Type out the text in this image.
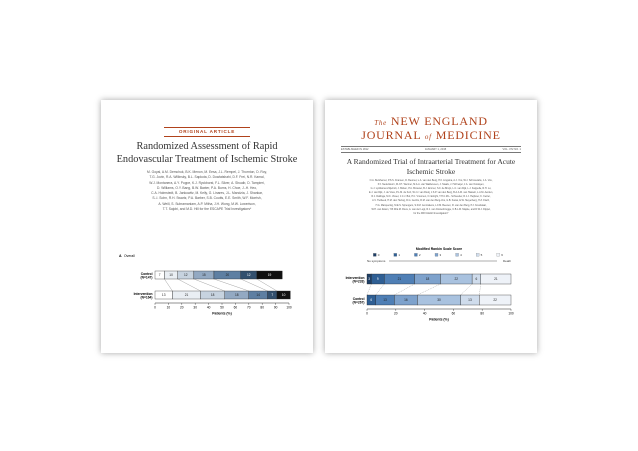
ORIGINAL ARTICLE
Randomized Assessment of Rapid
Endovascular Treatment of Ischemic Stroke
M. Goyal, A.M. Demchuk, B.K. Menon, M. Eesa, J.L. Rempel, J. Thornton, D. Roy,
T.G. Jovin, R.A. Willinsky, B.L. Sapkota, D. Dowlatshahi, D.F. Frei, N.R. Kamal,
W.J. Montanera, A.Y. Poppe, K.J. Ryckborst, F.L. Silver, A. Shuaib, D. Tampieri,
D. Williams, O.Y. Bang, B.W. Baxter, P.A. Burns, H. Choe, J.-H. Heo,
C.A. Holmstedt, B. Jankowitz, M. Kelly, G. Linares, J.L. Mandzia, J. Shankar,
S.-I. Sohn, R.H. Swartz, P.A. Barber, S.B. Coutts, E.E. Smith, W.F. Morrish,
A. Weill, S. Subramaniam, A.P. Mitha, J.H. Wong, M.W. Lowerison,
T.T. Sajobi, and M.D. Hill for the ESCAPE Trial Investigators*
A Overall
Control
(N=147)
7	10	12	15	20	12	19
Intervention
(N=164)
13	21	18	18	14	7	10
0	10	20	30	40	50	60	70	80	90	100
Patients (%)
The NEW ENGLAND
JOURNAL of MEDICINE
ESTABLISHED IN 1812	JANUARY 1, 2015	VOL. 372 NO. 1
A Randomized Trial of Intraarterial Treatment for Acute
Ischemic Stroke
O.A. Berkhemer, P.S.S. Fransen, D. Beumer, L.A. van den Berg, H.F. Lingsma, A.J. Yoo, W.J. Schonewille, J.A. Vos,
P.J. Nederkoorn, M.J.H. Wermer, M.A.A. van Walderveen, J. Staals, J. Hofmeijer, J.A. van Oostayen,
G.J. Lycklama à Nijeholt, J. Boiten, P.A. Brouwer, B.J. Emmer, S.F. de Bruijn, L.C. van Dijk, L.J. Kappelle, R.H. Lo,
E.J. van Dijk, J. de Vries, P.L.M. de Kort, W.J.J. van Rooij, J.S.P. van den Berg, B.A.A.M. van Hasselt, L.A.M. Aerden,
R.J. Dallinga, M.C. Visser, J.C.J. Bot, P.C. Vroomen, O. Eshghi, T.H.C.M.L. Schreuder, R.J.J. Heijboer, K. Keizer,
A.V. Tielbeek, H.M. den Hertog, D.G. Gerrits, R.M. van den Berg-Vos, G.B. Karas, E.W. Steyerberg, H.Z. Flach,
H.A. Marquering, M.E.S. Sprengers, S.F.M. Jenniskens, L.F.M. Beenen, R. van den Berg, P.J. Koudstaal,
W.H. van Zwam, Y.B.W.E.M. Roos, A. van der Lugt, R.J. van Oostenbrugge, C.B.L.M. Majoie, and D.W.J. Dippel,
for the MR CLEAN Investigators*
Modified Rankin Scale Score
0	1	2	3	4	5	6
No symptoms	Death
Intervention
(N=233)
3 9	21	18	22	6	21
Control
(N=267)
6	13	16	30	13	22
0	20	40	60	80	100
Patients (%)
